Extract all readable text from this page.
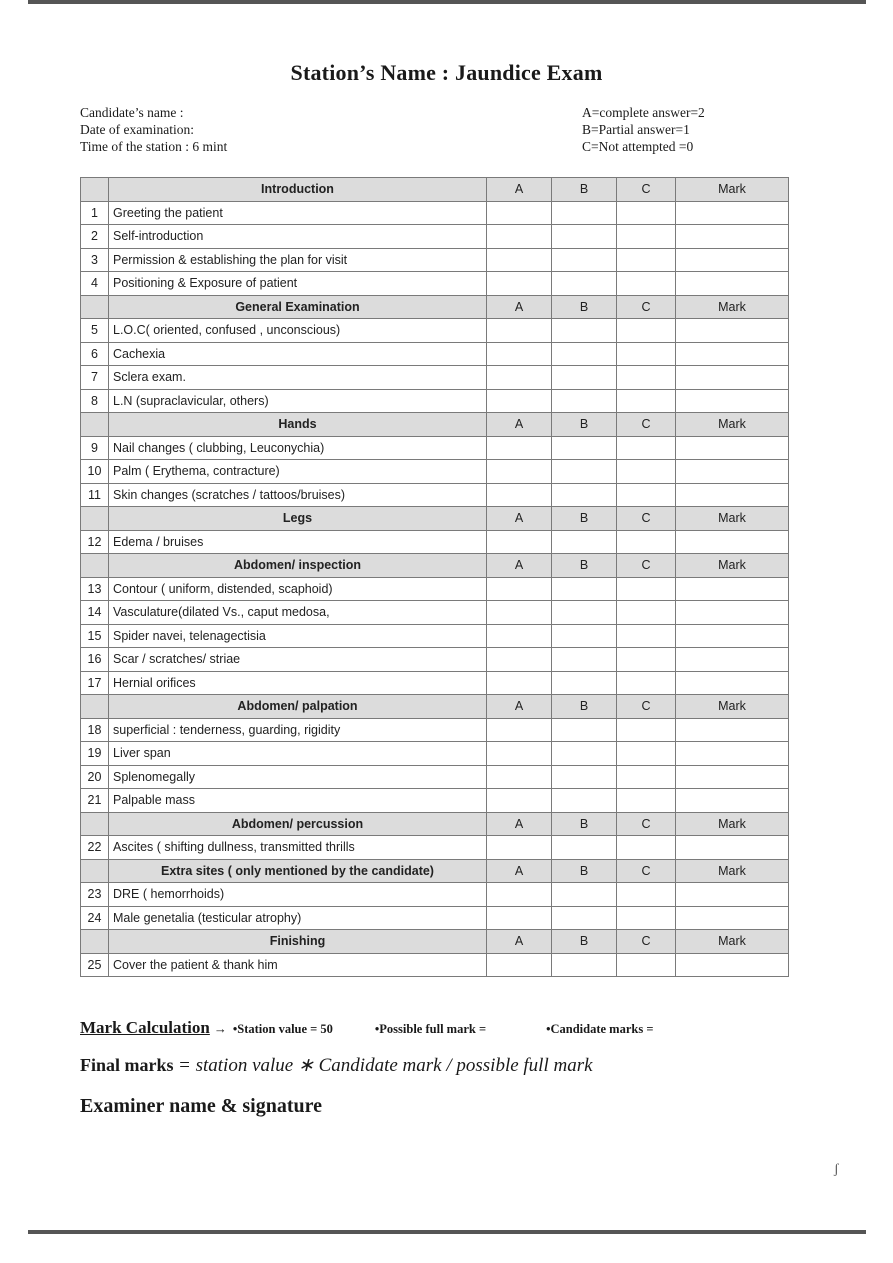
Station’s Name : Jaundice Exam
Candidate’s name :
Date of examination:
Time of the station : 6 mint
A=complete answer=2
B=Partial answer=1
C=Not attempted =0
	Introduction	A	B	C	Mark
1	Greeting the patient				
2	Self-introduction				
3	Permission & establishing the plan for visit				
4	Positioning & Exposure of patient				
	General Examination	A	B	C	Mark
5	L.O.C( oriented, confused , unconscious)				
6	Cachexia				
7	Sclera exam.				
8	L.N (supraclavicular, others)				
	Hands	A	B	C	Mark
9	Nail changes ( clubbing, Leuconychia)				
10	Palm ( Erythema, contracture)				
11	Skin changes (scratches / tattoos/bruises)				
	Legs	A	B	C	Mark
12	Edema / bruises				
	Abdomen/ inspection	A	B	C	Mark
13	Contour ( uniform, distended, scaphoid)				
14	Vasculature(dilated Vs., caput medosa,				
15	Spider navei, telenagectisia				
16	Scar / scratches/ striae				
17	Hernial orifices				
	Abdomen/ palpation	A	B	C	Mark
18	superficial : tenderness, guarding, rigidity				
19	Liver span				
20	Splenomegally				
21	Palpable mass				
	Abdomen/ percussion	A	B	C	Mark
22	Ascites ( shifting dullness, transmitted thrills				
	Extra sites ( only mentioned by the candidate)	A	B	C	Mark
23	DRE ( hemorrhoids)				
24	Male genetalia (testicular atrophy)				
	Finishing	A	B	C	Mark
25	Cover the patient & thank him				
Mark Calculation → •Station value = 50	•Possible full mark =	•Candidate marks =
Final marks = station value ∗ Candidate mark / possible full mark
Examiner name & signature
ʃ
